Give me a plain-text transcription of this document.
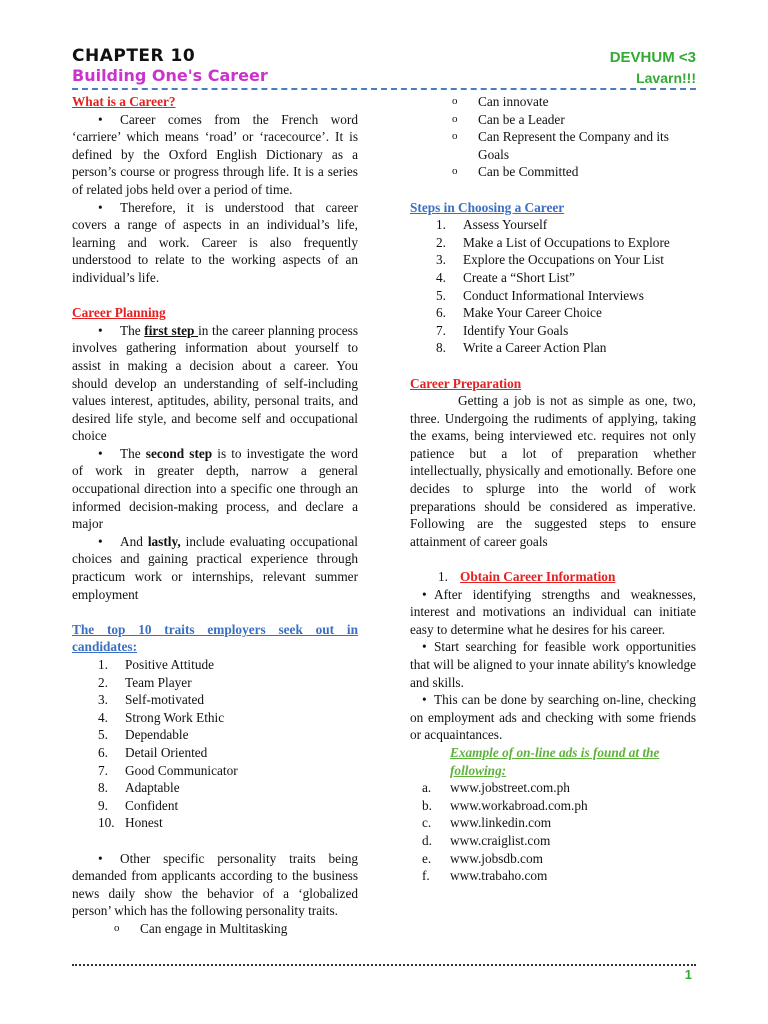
CHAPTER 10
Building One's Career
DEVHUM <3
Lavarn!!!

What is a Career?

• Career comes from the French word ‘carriere’ which means ‘road’ or ‘racecource’. It is defined by the Oxford English Dictionary as a person’s course or progress through life. It is a series of related jobs held over a period of time.

• Therefore, it is understood that career covers a range of aspects in an individual’s life, learning and work. Career is also frequently understood to relate to the working aspects of an individual’s life.

Career Planning

• The first step in the career planning process involves gathering information about yourself to assist in making a decision about a career. You should develop an understanding of self-including values interest, aptitudes, ability, personal traits, and desired life style, and become self and occupational choice

• The second step is to investigate the word of work in greater depth, narrow a general occupational direction into a specific one through an informed decision-making process, and declare a major

• And lastly, include evaluating occupational choices and gaining practical experience through practicum work or internships, relevant summer employment

The top 10 traits employers seek out in candidates:

1.	Positive Attitude
2.	Team Player
3.	Self-motivated
4.	Strong Work Ethic
5.	Dependable
6.	Detail Oriented
7.	Good Communicator
8.	Adaptable
9.	Confident
10. Honest

• Other specific personality traits being demanded from applicants according to the business news daily show the behavior of a ‘globalized person’ which has the following personality traits.

o Can engage in Multitasking
o Can innovate
o Can be a Leader
o Can Represent the Company and its Goals
o Can be Committed

Steps in Choosing a Career

1.	Assess Yourself
2.	Make a List of Occupations to Explore
3.	Explore the Occupations on Your List
4.	Create a “Short List”
5.	Conduct Informational Interviews
6.	Make Your Career Choice
7.	Identify Your Goals
8.	Write a Career Action Plan

Career Preparation

Getting a job is not as simple as one, two, three. Undergoing the rudiments of applying, taking the exams, being interviewed etc. requires not only patience but a lot of preparation whether intellectually, physically and emotionally. Before one decides to splurge into the world of work preparations should be considered as imperative. Following are the suggested steps to ensure attainment of career goals

1. Obtain Career Information

• After identifying strengths and weaknesses, interest and motivations an individual can initiate easy to determine what he desires for his career.

• Start searching for feasible work opportunities that will be aligned to your innate ability's knowledge and skills.

• This can be done by searching on-line, checking on employment ads and checking with some friends or acquaintances.

Example of on-line ads is found at the following:

a. www.jobstreet.com.ph
b. www.workabroad.com.ph
c. www.linkedin.com
d. www.craiglist.com
e. www.jobsdb.com
f. www.trabaho.com
1
